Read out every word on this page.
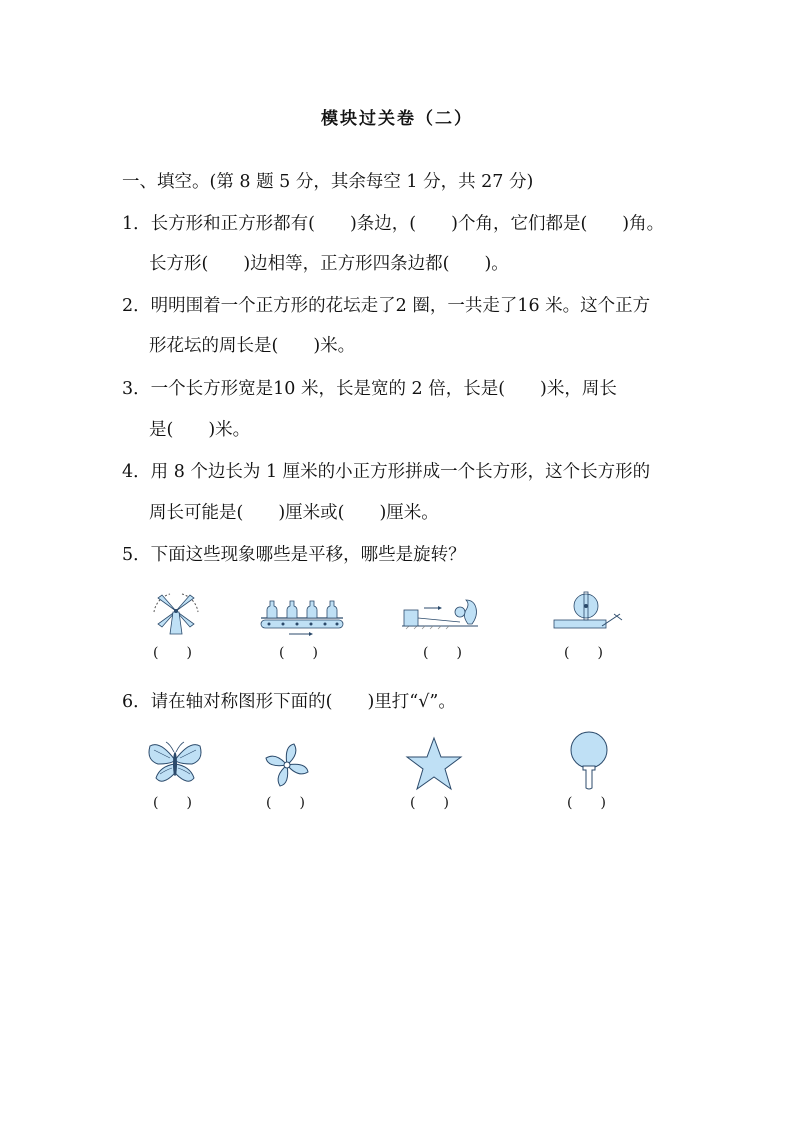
模块过关卷（二）
一、填空。(第 8 题 5 分，其余每空 1 分，共 27 分)
1．长方形和正方形都有(　　)条边，(　　)个角，它们都是(　　)角。
长方形(　　)边相等，正方形四条边都(　　)。
2．明明围着一个正方形的花坛走了2 圈，一共走了16 米。这个正方
形花坛的周长是(　　)米。
3．一个长方形宽是10 米，长是宽的 2 倍，长是(　　)米，周长
是(　　)米。
4．用 8 个边长为 1 厘米的小正方形拼成一个长方形，这个长方形的
周长可能是(　　)厘米或(　　)厘米。
5．下面这些现象哪些是平移，哪些是旋转？
(　　)	(　　)	(　　)	(　　)
6．请在轴对称图形下面的(　　)里打“√”。
(　　)	(　　)	(　　)	(　　)
